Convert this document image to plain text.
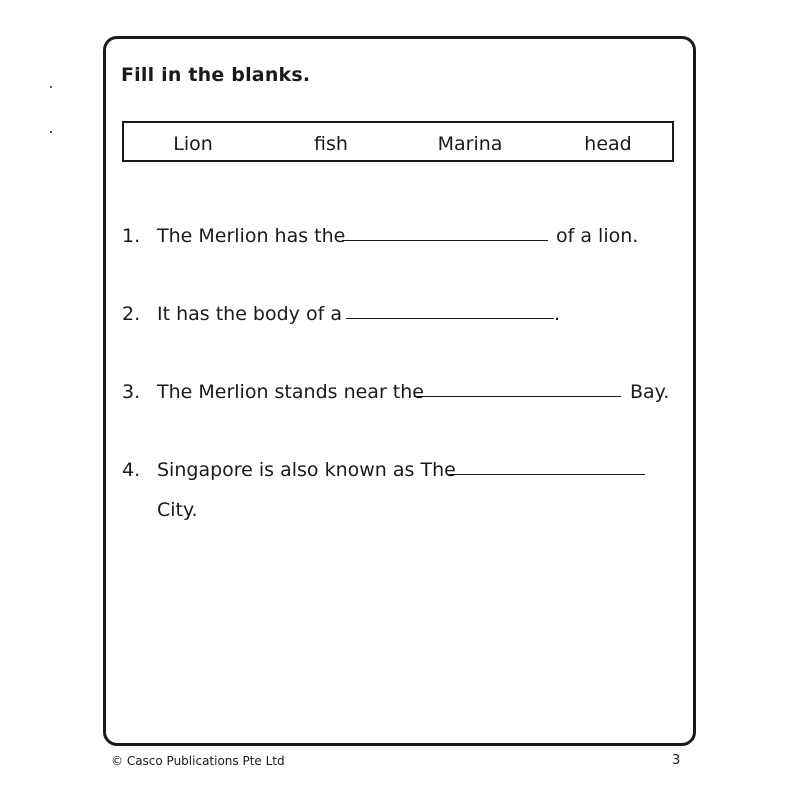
Fill in the blanks.
Lion	fish	Marina	head
1. The Merlion has the	of a lion.
2. It has the body of a	.
3. The Merlion stands near the	Bay.
4. Singapore is also known as The
City.
© Casco Publications Pte Ltd	3
